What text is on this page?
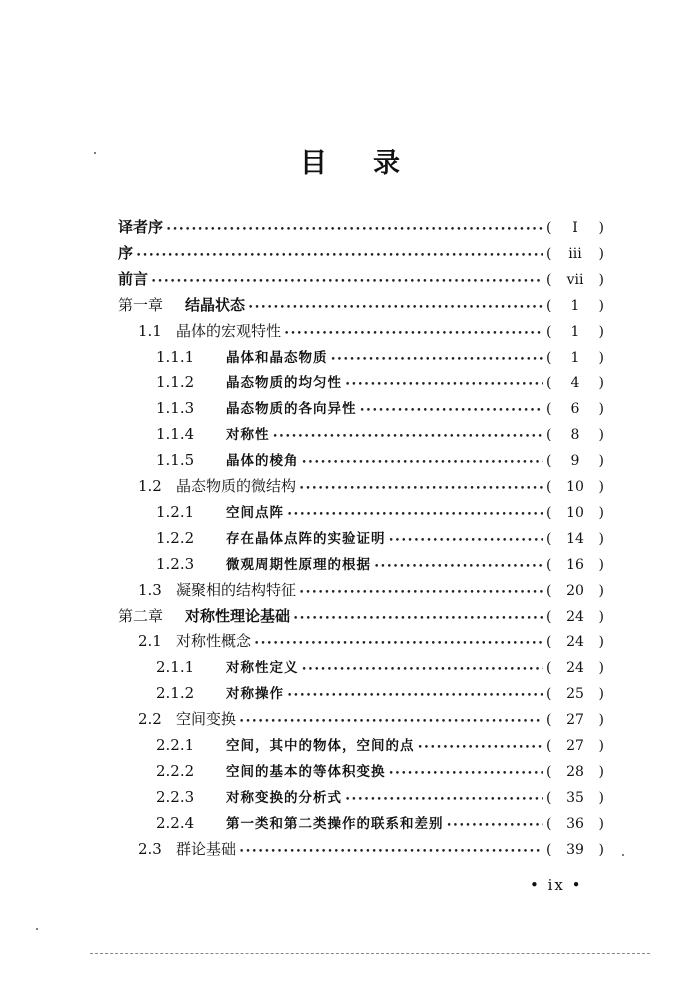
目 录
译者序 •••••	(	Ⅰ	)
序 •••••	(	iii	)
前言 •••••	(	vii	)
第一章 结晶状态 •••••	(	1	)
1.1 晶体的宏观特性 •••••	(	1	)
1.1.1	晶体和晶态物质 •••••	(	1	)
1.1.2	晶态物质的均匀性 •••••	(	4	)
1.1.3	晶态物质的各向异性 •••••	(	6	)
1.1.4	对称性 •••••	(	8	)
1.1.5	晶体的棱角 •••••	(	9	)
1.2 晶态物质的微结构 •••••	(	10	)
1.2.1	空间点阵 •••••	(	10	)
1.2.2	存在晶体点阵的实验证明 •••••	(	14	)
1.2.3	微观周期性原理的根据 •••••	(	16	)
1.3 凝聚相的结构特征 •••••	(	20	)
第二章 对称性理论基础 •••••	(	24	)
2.1 对称性概念 •••••	(	24	)
2.1.1	对称性定义 •••••	(	24	)
2.1.2	对称操作 •••••	(	25	)
2.2 空间变换 •••••	(	27	)
2.2.1	空间，其中的物体，空间的点 •••••	(	27	)
2.2.2	空间的基本的等体积变换 •••••	(	28	)
2.2.3	对称变换的分析式 •••••	(	35	)
2.2.4	第一类和第二类操作的联系和差别 •••••	(	36	)
2.3 群论基础 •••••	(	39	)
• ix •
